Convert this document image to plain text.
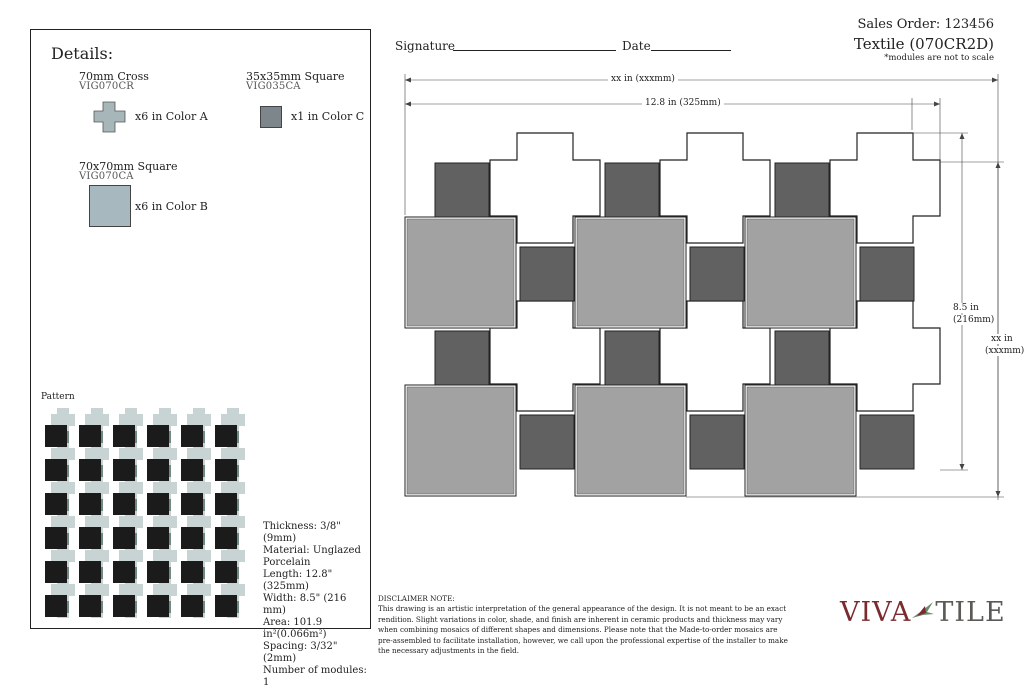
Details:
70mm Cross
VIG070CR
x6 in Color A
35x35mm Square
VIG035CA
x1 in Color C
70x70mm Square
VIG070CA
x6 in Color B
Pattern
Thickness: 3/8" (9mm)
Material: Unglazed
Porcelain
Length: 12.8" (325mm)
Width: 8.5" (216 mm)
Area: 101.9 in²(0.066m²)
Spacing: 3/32" (2mm)
Number of modules: 1
Signature	Date
Sales Order: 123456
Textile (070CR2D)
*modules are not to scale
xx in (xxxmm)
12.8 in (325mm)
8.5 in
(216mm)
xx in
(xxxmm)
DISCLAIMER NOTE:
This drawing is an artistic interpretation of the general appearance of the design. It is not meant to be an exact
rendition. Slight variations in color, shade, and finish are inherent in ceramic products and thickness may vary
when combining mosaics of different shapes and dimensions. Please note that the Made-to-order mosaics are
pre-assembled to facilitate installation, however, we call upon the professional expertise of the installer to make
the necessary adjustments in the field.
VIVA TILE
